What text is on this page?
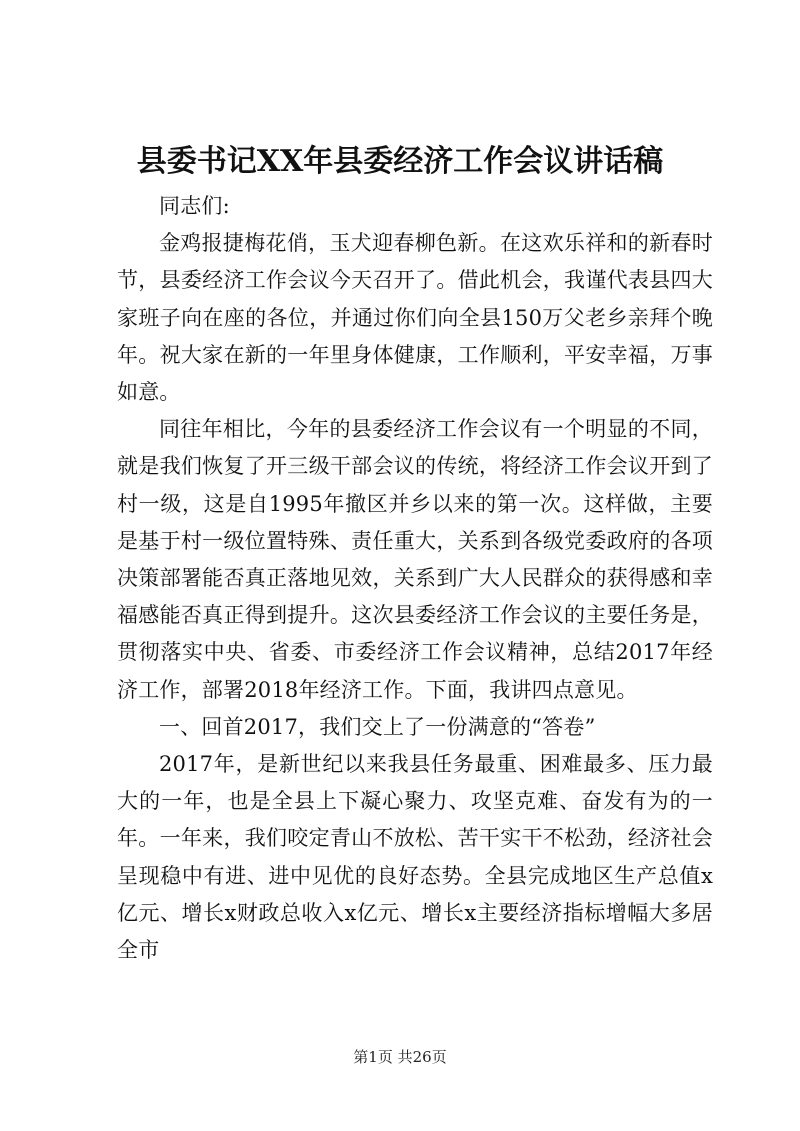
县委书记XX年县委经济工作会议讲话稿

同志们:

金鸡报捷梅花俏，玉犬迎春柳色新。在这欢乐祥和的新春时节，县委经济工作会议今天召开了。借此机会，我谨代表县四大家班子向在座的各位，并通过你们向全县150万父老乡亲拜个晚年。祝大家在新的一年里身体健康，工作顺利，平安幸福，万事如意。

同往年相比，今年的县委经济工作会议有一个明显的不同，就是我们恢复了开三级干部会议的传统，将经济工作会议开到了村一级，这是自1995年撤区并乡以来的第一次。这样做，主要是基于村一级位置特殊、责任重大，关系到各级党委政府的各项决策部署能否真正落地见效，关系到广大人民群众的获得感和幸福感能否真正得到提升。这次县委经济工作会议的主要任务是，贯彻落实中央、省委、市委经济工作会议精神，总结2017年经济工作，部署2018年经济工作。下面，我讲四点意见。

一、回首2017，我们交上了一份满意的“答卷”

2017年，是新世纪以来我县任务最重、困难最多、压力最大的一年，也是全县上下凝心聚力、攻坚克难、奋发有为的一年。一年来，我们咬定青山不放松、苦干实干不松劲，经济社会呈现稳中有进、进中见优的良好态势。全县完成地区生产总值x亿元、增长x财政总收入x亿元、增长x主要经济指标增幅大多居全市

第1页 共26页
